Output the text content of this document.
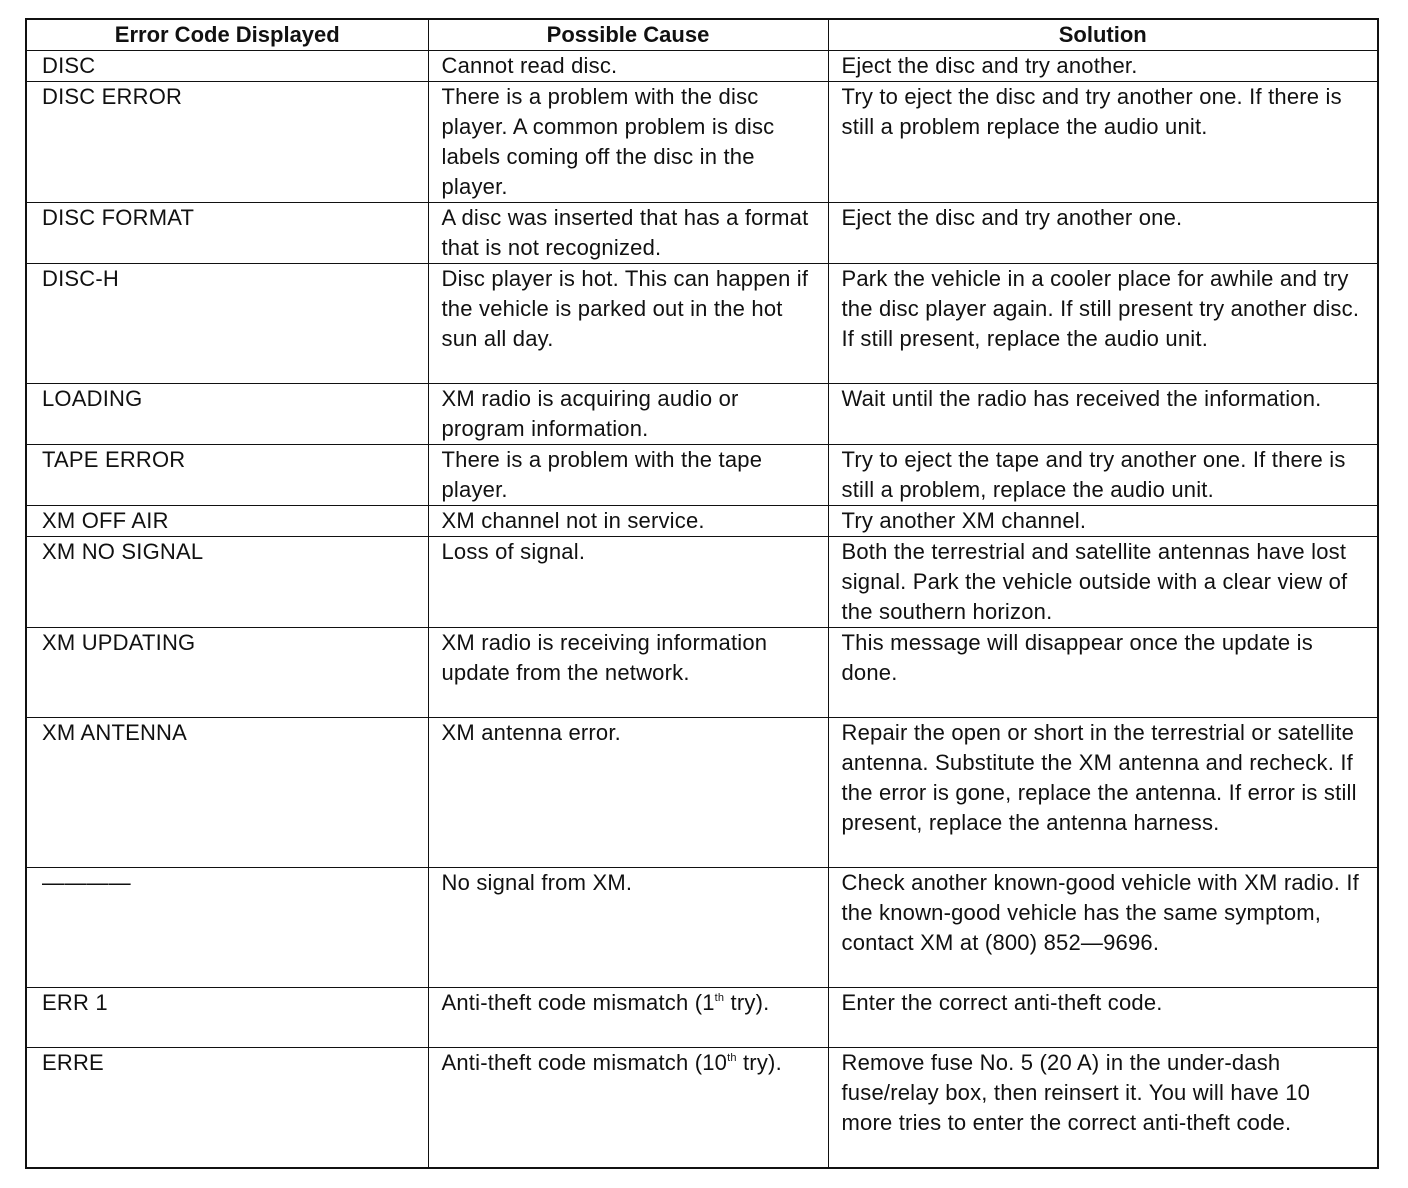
Error Code Displayed	Possible Cause	Solution
DISC	Cannot read disc.	Eject the disc and try another.
DISC ERROR	There is a problem with the disc player. A common problem is disc labels coming off the disc in the player.	Try to eject the disc and try another one. If there is still a problem replace the audio unit.
DISC FORMAT	A disc was inserted that has a format that is not recognized.	Eject the disc and try another one.
DISC-H	Disc player is hot. This can happen if the vehicle is parked out in the hot sun all day.	Park the vehicle in a cooler place for awhile and try the disc player again. If still present try another disc. If still present, replace the audio unit.
LOADING	XM radio is acquiring audio or program information.	Wait until the radio has received the information.
TAPE ERROR	There is a problem with the tape player.	Try to eject the tape and try another one. If there is still a problem, replace the audio unit.
XM OFF AIR	XM channel not in service.	Try another XM channel.
XM NO SIGNAL	Loss of signal.	Both the terrestrial and satellite antennas have lost signal. Park the vehicle outside with a clear view of the southern horizon.
XM UPDATING	XM radio is receiving information update from the network.	This message will disappear once the update is done.
XM ANTENNA	XM antenna error.	Repair the open or short in the terrestrial or satellite antenna. Substitute the XM antenna and recheck. If the error is gone, replace the antenna. If error is still present, replace the antenna harness.
————	No signal from XM.	Check another known-good vehicle with XM radio. If the known-good vehicle has the same symptom, contact XM at (800) 852—9696.
ERR 1	Anti-theft code mismatch (1th try).	Enter the correct anti-theft code.
ERRE	Anti-theft code mismatch (10th try).	Remove fuse No. 5 (20 A) in the under-dash fuse/relay box, then reinsert it. You will have 10 more tries to enter the correct anti-theft code.
